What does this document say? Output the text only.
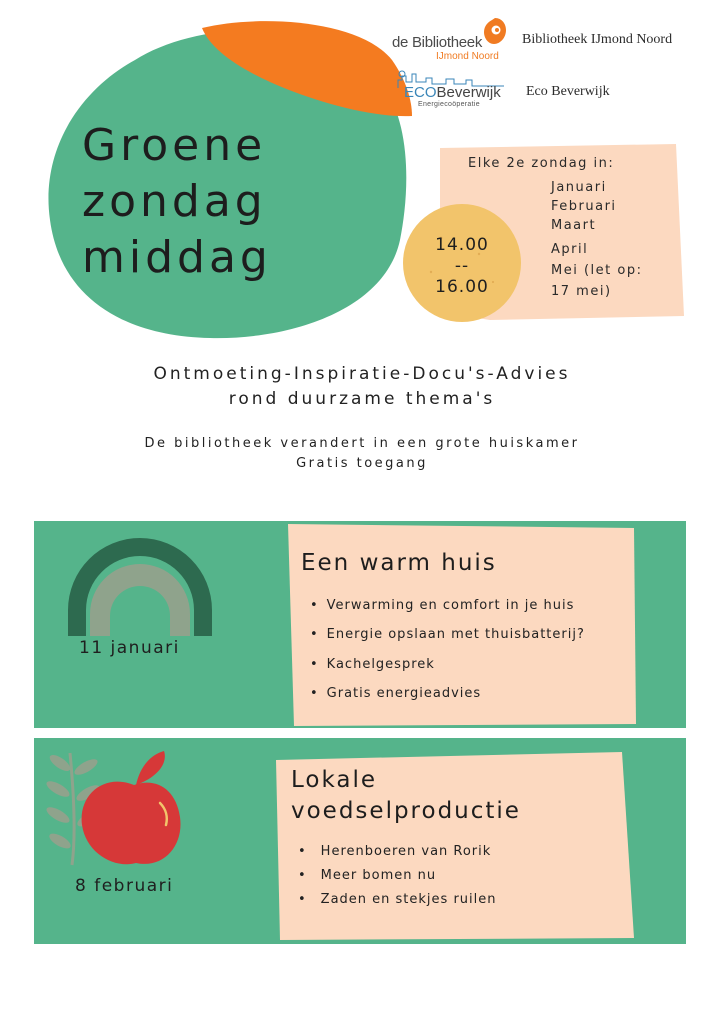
Groene
zondag
middag
de Bibliotheek
IJmond Noord
Bibliotheek IJmond Noord
ECOBeverwijk
Energiecoöperatie
Eco Beverwijk
Elke 2e zondag in:
Januari
Februari
Maart
April
Mei (let op:
17 mei)
14.00
--
16.00
Ontmoeting-Inspiratie-Docu's-Advies
rond duurzame thema's
De bibliotheek verandert in een grote huiskamer
Gratis toegang
11 januari
Een warm huis
• Verwarming en comfort in je huis
• Energie opslaan met thuisbatterij?
• Kachelgesprek
• Gratis energieadvies
8 februari
Lokale
voedselproductie
• Herenboeren van Rorik
• Meer bomen nu
• Zaden en stekjes ruilen
